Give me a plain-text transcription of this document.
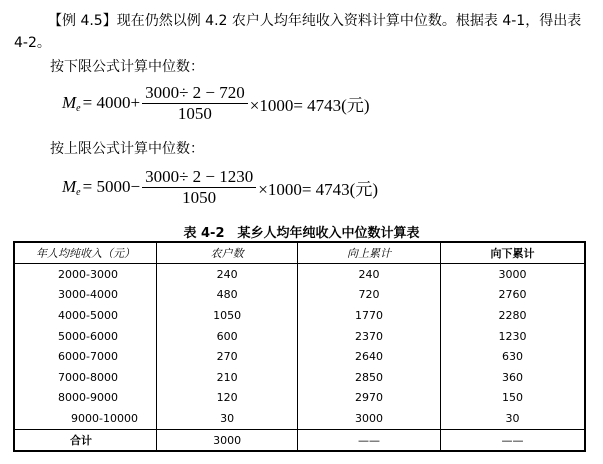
【例 4.5】现在仍然以例 4.2 农户人均年纯收入资料计算中位数。根据表 4-1，得出表 4-2。
按下限公式计算中位数：
M $e = 4000+ \frac{3000\div 2 - 720}{1050} \times 1000= 4743$(元)
按上限公式计算中位数：
M $e = 5000- \frac{3000\div 2 - 1230}{1050} \times 1000= 4743$(元)
表 4-2　某乡人均年纯收入中位数计算表
年人均纯收入（元）	农户数	向上累计	向下累计
2000-3000	240	240	3000
3000-4000	480	720	2760
4000-5000	1050	1770	2280
5000-6000	600	2370	1230
6000-7000	270	2640	630
7000-8000	210	2850	360
8000-9000	120	2970	150
9000-10000	30	3000	30
合计	3000	——	——
